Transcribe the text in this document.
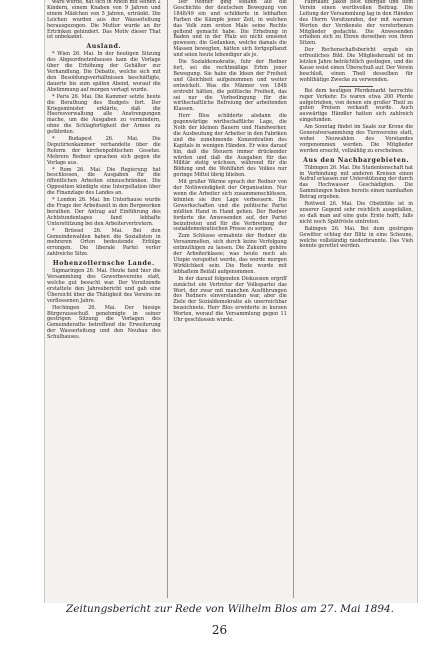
wäre wurde, hat sich in Rhein mit seinen 2 Kindern, einem Knaben von 9 Jahren und einem Mädchen von 5 Jahren, ertränkt. Die Leichen wurden aus der Wasserleitung herausgezogen. Die Mutter wurde an ihr Ertrinken gehindert. Das Motiv dieser That ist unbekannt.

Ausland.

* Wien 26. Mai. In der heutigen Sitzung des Abgeordnetenhauses kam die Vorlage über die Erhöhung der Gehälter zur Verhandlung. Die Debatte, welche sich mit den Besoldungsverhältnissen beschäftigte, dauerte bis zum späten Abend, worauf die Abstimmung auf morgen vertagt wurde.

* Paris 26. Mai. Die Kammer setzte heute die Berathung des Budgets fort. Der Kriegsminister erklärte, daß die Heeresverwaltung alle Anstrengungen mache, um die Ausgaben zu vermindern, ohne die Schlagfertigkeit der Armee zu gefährden.

* Budapest 26. Mai. Die Deputirtenkammer verhandelte über die Reform der kirchenpolitischen Gesetze. Mehrere Redner sprachen sich gegen die Vorlage aus.

* Rom 26. Mai. Die Regierung hat beschlossen, die Ausgaben für die öffentlichen Arbeiten einzuschränken. Die Opposition kündigte eine Interpellation über die Finanzlage des Landes an.

* London 26. Mai. Im Unterhause wurde die Frage der Arbeitszeit in den Bergwerken berathen. Der Antrag auf Einführung des Achtstundentages fand lebhafte Unterstützung bei den Arbeitervertretern.

* Brüssel 26. Mai. Bei den Gemeindewahlen haben die Sozialisten in mehreren Orten bedeutende Erfolge errungen. Die liberale Partei verlor zahlreiche Sitze.

Hohenzollernsche Lande.

Sigmaringen 26. Mai. Heute fand hier die Versammlung des Gewerbevereins statt, welche gut besucht war. Der Vorsitzende erstattete den Jahresbericht und gab eine Übersicht über die Thätigkeit des Vereins im verflossenen Jahre.

Hechingen 26. Mai. Der hiesige Bürgerausschuß genehmigte in seiner gestrigen Sitzung die Vorlagen des Gemeinderaths betreffend die Erweiterung der Wasserleitung und den Neubau des Schulhauses.

Der Redner ging sodann auf die Geschichte der deutschen Bewegung von 1848/49 ein und schilderte in lebhaften Farben die Kämpfe jener Zeit, in welchen das Volk zum ersten Male seine Rechte geltend gemacht habe. Die Erhebung in Baden und in der Pfalz sei nicht umsonst gewesen; die Gedanken, welche damals die Massen bewegten, hätten sich fortgepflanzt und seien heute lebendiger als je.

Die Sozialdemokratie, fuhr der Redner fort, sei die rechtmäßige Erbin jener Bewegung. Sie habe die Ideen der Freiheit und Gleichheit aufgenommen und weiter entwickelt. Was die Männer von 1848 erstrebt hätten, die politische Freiheit, das sei nur die Vorbedingung für die wirthschaftliche Befreiung der arbeitenden Klassen.

Herr Blos schilderte alsdann die gegenwärtige wirthschaftliche Lage, die Noth der kleinen Bauern und Handwerker, die Ausbeutung der Arbeiter in den Fabriken und die zunehmende Konzentration des Kapitals in wenigen Händen. Er wies darauf hin, daß die Steuern immer drückender würden und daß die Ausgaben für das Militär stetig wüchsen, während für die Bildung und die Wohlfahrt des Volkes nur geringe Mittel übrig blieben.

Mit großer Wärme sprach der Redner von der Nothwendigkeit der Organisation. Nur wenn die Arbeiter sich zusammenschlössen, könnten sie ihre Lage verbessern. Die Gewerkschaften und die politische Partei müßten Hand in Hand gehen. Der Redner forderte die Anwesenden auf, der Partei beizutreten und für die Verbreitung der sozialdemokratischen Presse zu sorgen.

Zum Schlusse ermahnte der Redner die Versammelten, sich durch keine Verfolgung entmuthigen zu lassen. Die Zukunft gehöre der Arbeiterklasse; was heute noch als Utopie verspottet werde, das werde morgen Wirklichkeit sein. Die Rede wurde mit lebhaftem Beifall aufgenommen.

In der darauf folgenden Diskussion ergriff zunächst ein Vertreter der Volkspartei das Wort, der zwar mit manchen Ausführungen des Redners einverstanden war, aber die Ziele der Sozialdemokratie als unerreichbar bezeichnete. Herr Blos erwiderte in kurzen Worten, worauf die Versammlung gegen 11 Uhr geschlossen wurde.

Fabrikant Jakob Best übergab und dem Verein einen werthvollen Beitrag. Die Leitung der Versammlung lag in den Händen des Herrn Vorsitzenden, der mit warmen Worten der Verdienste der verstorbenen Mitglieder gedachte. Die Anwesenden erhoben sich zu Ehren derselben von ihren Sitzen.

Der Rechenschaftsbericht ergab ein erfreuliches Bild. Die Mitgliederzahl ist im letzten Jahre beträchtlich gestiegen, und die Kasse weist einen Überschuß auf. Der Verein beschloß, einen Theil desselben für wohlthätige Zwecke zu verwenden.

Bei dem heutigen Pferdemarkt herrschte reger Verkehr. Es waren etwa 200 Pferde aufgetrieben, von denen ein großer Theil zu guten Preisen verkauft wurde. Auch auswärtige Händler hatten sich zahlreich eingefunden.

Am Sonntag findet im Saale zur Krone die Generalversammlung des Turnvereins statt, wobei Neuwahlen des Vorstandes vorgenommen werden. Die Mitglieder werden ersucht, vollzählig zu erscheinen.

Aus den Nachbargebieten.

Tübingen 26. Mai. Die Studentenschaft hat in Verbindung mit anderen Kreisen einen Aufruf erlassen zur Unterstützung der durch das Hochwasser Geschädigten. Die Sammlungen haben bereits einen namhaften Betrag ergeben.

Rottweil 26. Mai. Die Obstblüte ist in unserer Gegend sehr reichlich ausgefallen, so daß man auf eine gute Ernte hofft, falls nicht noch Spätfröste eintreten.

Balingen 26. Mai. Bei dem gestrigen Gewitter schlug der Blitz in eine Scheune, welche vollständig niederbrannte. Das Vieh konnte gerettet werden.

Zeitungsbericht zur Rede von Wilhelm Blos am 27. Mai 1894.
26
